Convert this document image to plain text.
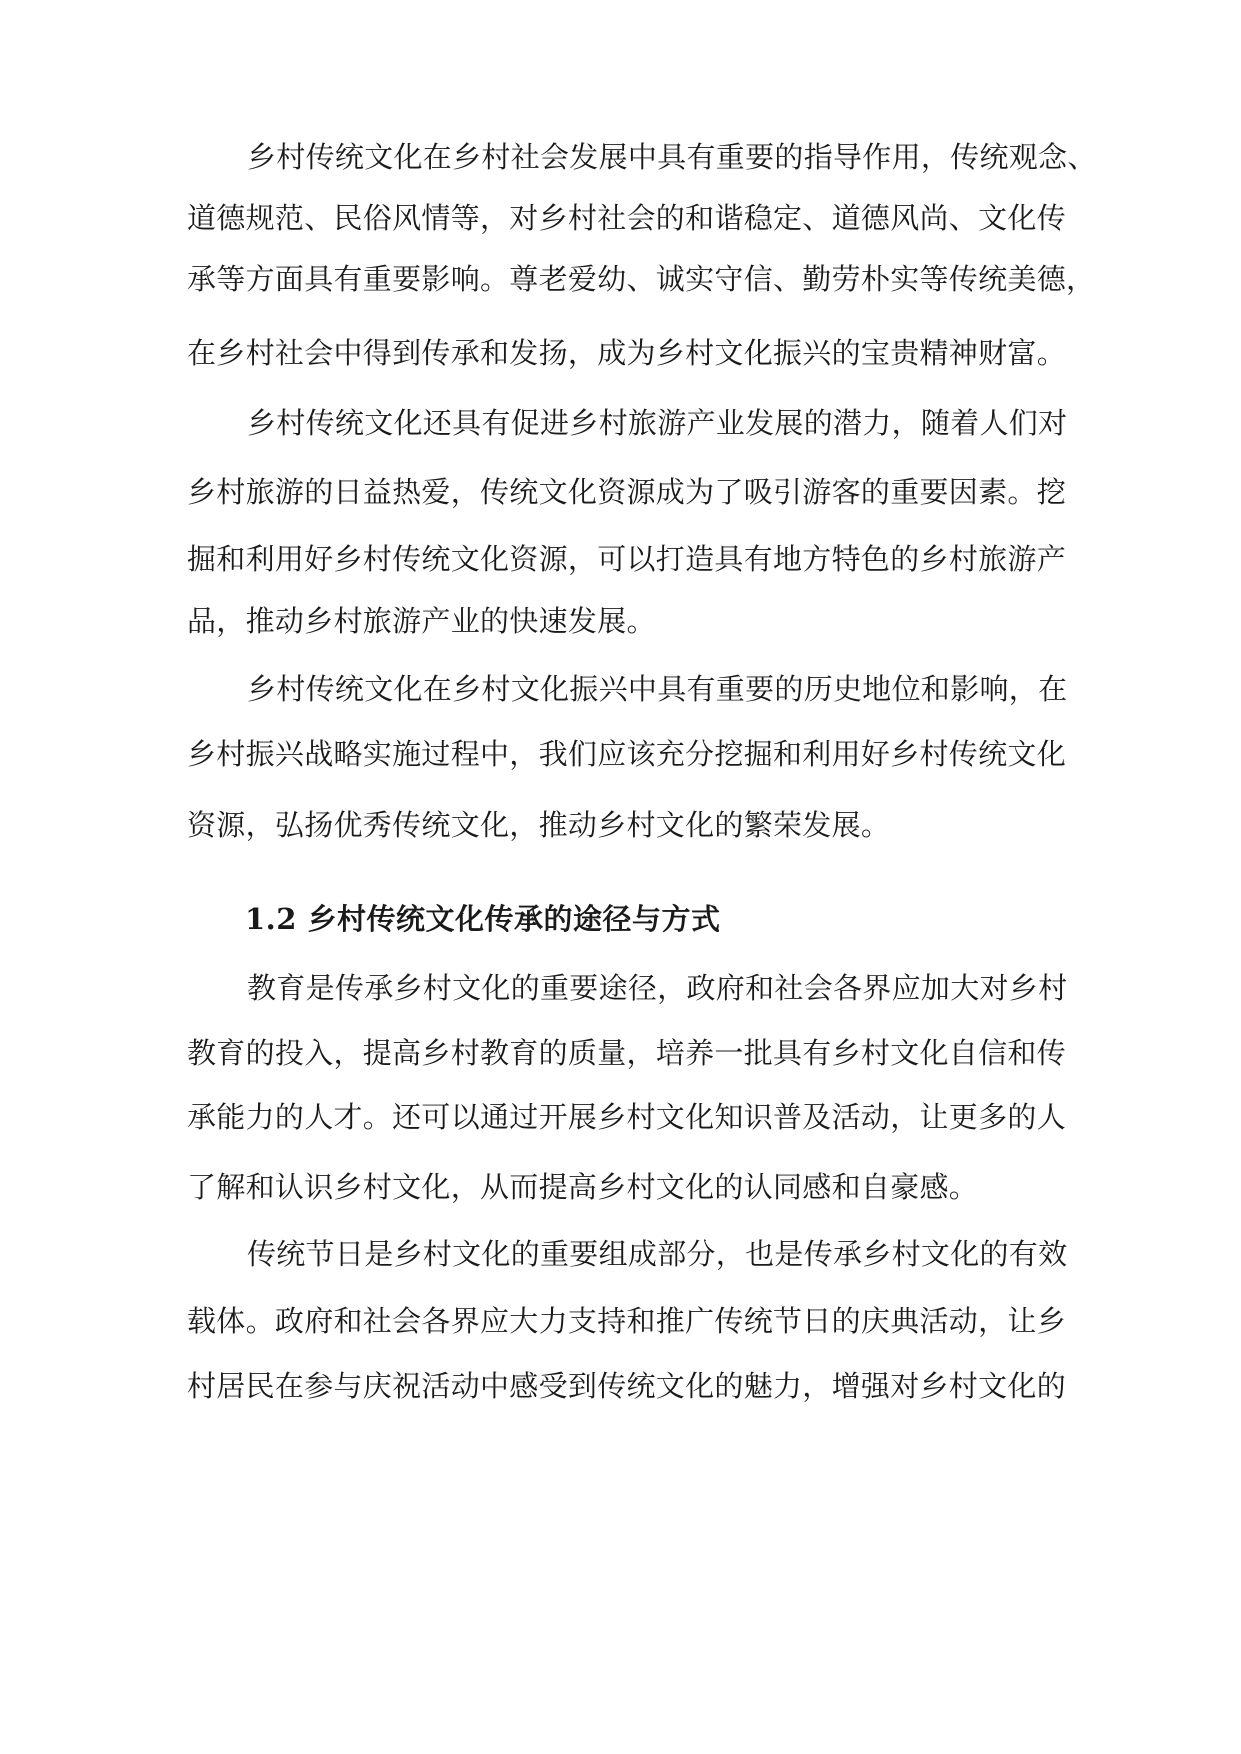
乡村传统文化在乡村社会发展中具有重要的指导作用，传统观念、
道德规范、民俗风情等，对乡村社会的和谐稳定、道德风尚、文化传
承等方面具有重要影响。尊老爱幼、诚实守信、勤劳朴实等传统美德，
在乡村社会中得到传承和发扬，成为乡村文化振兴的宝贵精神财富。
乡村传统文化还具有促进乡村旅游产业发展的潜力，随着人们对
乡村旅游的日益热爱，传统文化资源成为了吸引游客的重要因素。挖
掘和利用好乡村传统文化资源，可以打造具有地方特色的乡村旅游产
品，推动乡村旅游产业的快速发展。
乡村传统文化在乡村文化振兴中具有重要的历史地位和影响，在
乡村振兴战略实施过程中，我们应该充分挖掘和利用好乡村传统文化
资源，弘扬优秀传统文化，推动乡村文化的繁荣发展。
1.2 乡村传统文化传承的途径与方式
教育是传承乡村文化的重要途径，政府和社会各界应加大对乡村
教育的投入，提高乡村教育的质量，培养一批具有乡村文化自信和传
承能力的人才。还可以通过开展乡村文化知识普及活动，让更多的人
了解和认识乡村文化，从而提高乡村文化的认同感和自豪感。
传统节日是乡村文化的重要组成部分，也是传承乡村文化的有效
载体。政府和社会各界应大力支持和推广传统节日的庆典活动，让乡
村居民在参与庆祝活动中感受到传统文化的魅力，增强对乡村文化的
